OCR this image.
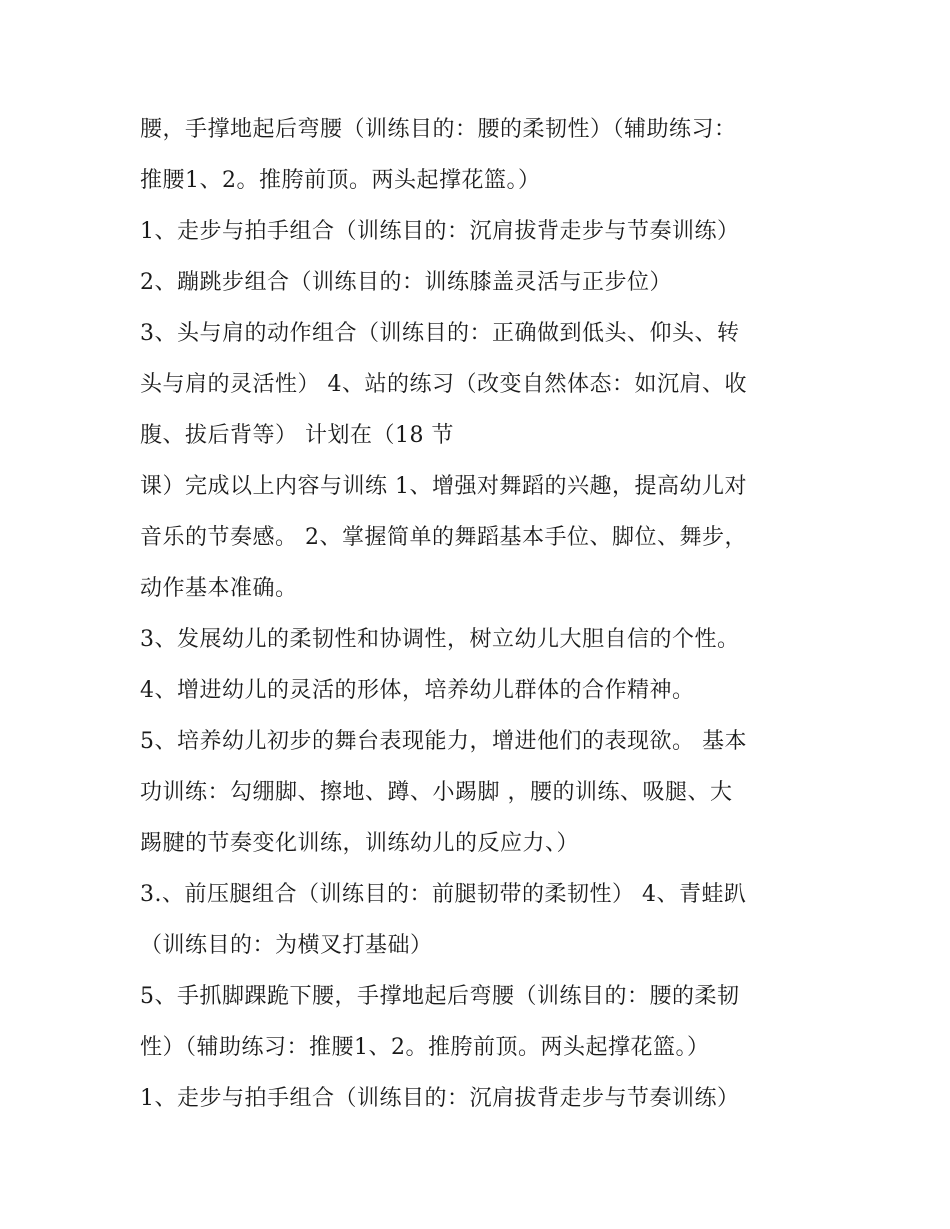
腰，手撑地起后弯腰（训练目的：腰的柔韧性）（辅助练习：
推腰1、2。推胯前顶。两头起撑花篮。）
1、走步与拍手组合（训练目的：沉肩拔背走步与节奏训练）
2、蹦跳步组合（训练目的：训练膝盖灵活与正步位）
3、头与肩的动作组合（训练目的：正确做到低头、仰头、转
头与肩的灵活性） 4、站的练习（改变自然体态：如沉肩、收
腹、拔后背等） 计划在（18 节
课）完成以上内容与训练 1、增强对舞蹈的兴趣，提高幼儿对
音乐的节奏感。 2、掌握简单的舞蹈基本手位、脚位、舞步，
动作基本准确。
3、发展幼儿的柔韧性和协调性，树立幼儿大胆自信的个性。
4、增进幼儿的灵活的形体，培养幼儿群体的合作精神。
5、培养幼儿初步的舞台表现能力，增进他们的表现欲。 基本
功训练：勾绷脚、擦地、蹲、小踢脚 ，腰的训练、吸腿、大
踢腱的节奏变化训练，训练幼儿的反应力、）
3.、前压腿组合（训练目的：前腿韧带的柔韧性） 4、青蛙趴
（训练目的：为横叉打基础）
5、手抓脚踝跪下腰，手撑地起后弯腰（训练目的：腰的柔韧
性）（辅助练习：推腰1、2。推胯前顶。两头起撑花篮。）
1、走步与拍手组合（训练目的：沉肩拔背走步与节奏训练）
